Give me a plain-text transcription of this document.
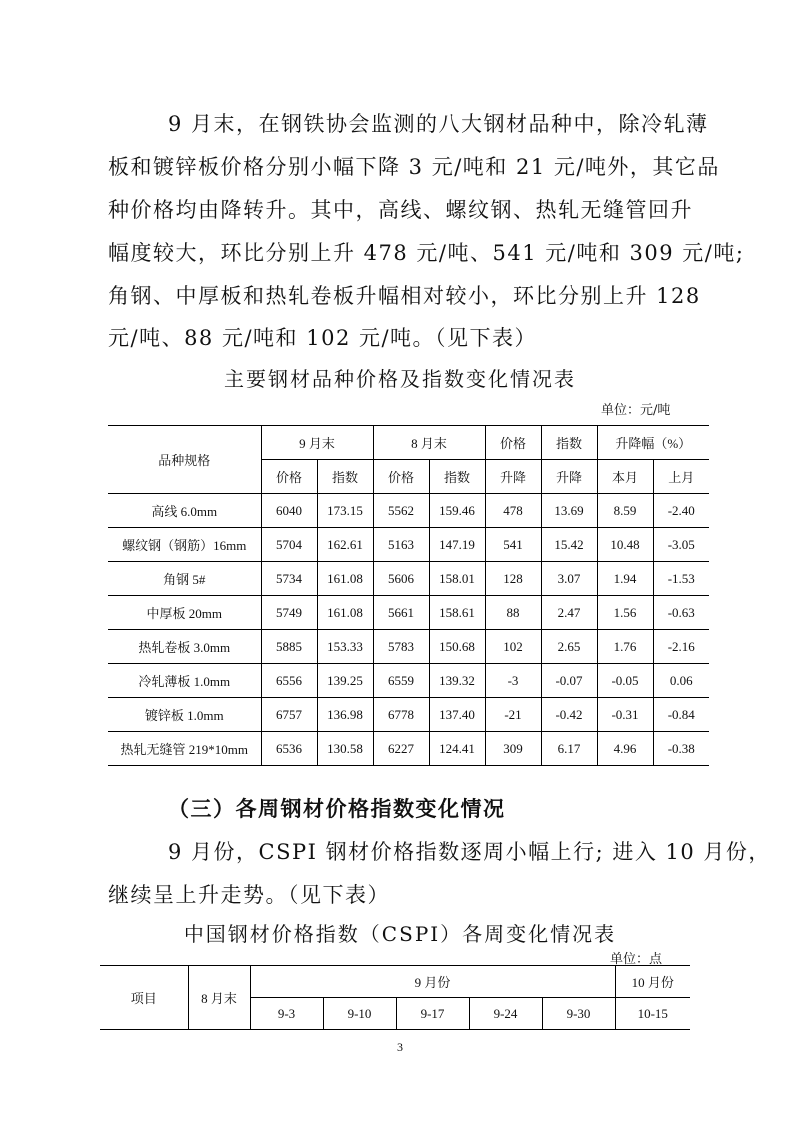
9 月末，在钢铁协会监测的八大钢材品种中，除冷轧薄
板和镀锌板价格分别小幅下降 3 元/吨和 21 元/吨外，其它品
种价格均由降转升。其中，高线、螺纹钢、热轧无缝管回升
幅度较大，环比分别上升 478 元/吨、541 元/吨和 309 元/吨;
角钢、中厚板和热轧卷板升幅相对较小，环比分别上升 128
元/吨、88 元/吨和 102 元/吨。（见下表）
主要钢材品种价格及指数变化情况表
单位：元/吨
品种规格	9 月末		8 月末		价格	指数	升降幅（%）	
	价格	指数	价格	指数	升降	升降	本月	上月
高线 6.0mm	6040	173.15	5562	159.46	478	13.69	8.59	-2.40
螺纹钢（钢筋）16mm	5704	162.61	5163	147.19	541	15.42	10.48	-3.05
角钢 5#	5734	161.08	5606	158.01	128	3.07	1.94	-1.53
中厚板 20mm	5749	161.08	5661	158.61	88	2.47	1.56	-0.63
热轧卷板 3.0mm	5885	153.33	5783	150.68	102	2.65	1.76	-2.16
冷轧薄板 1.0mm	6556	139.25	6559	139.32	-3	-0.07	-0.05	0.06
镀锌板 1.0mm	6757	136.98	6778	137.40	-21	-0.42	-0.31	-0.84
热轧无缝管 219*10mm	6536	130.58	6227	124.41	309	6.17	4.96	-0.38
（三）各周钢材价格指数变化情况
9 月份，CSPI 钢材价格指数逐周小幅上行; 进入 10 月份，
继续呈上升走势。（见下表）
中国钢材价格指数（CSPI）各周变化情况表
单位：点
项目	8 月末	9 月份					10 月份
		9-3	9-10	9-17	9-24	9-30	10-15
3
